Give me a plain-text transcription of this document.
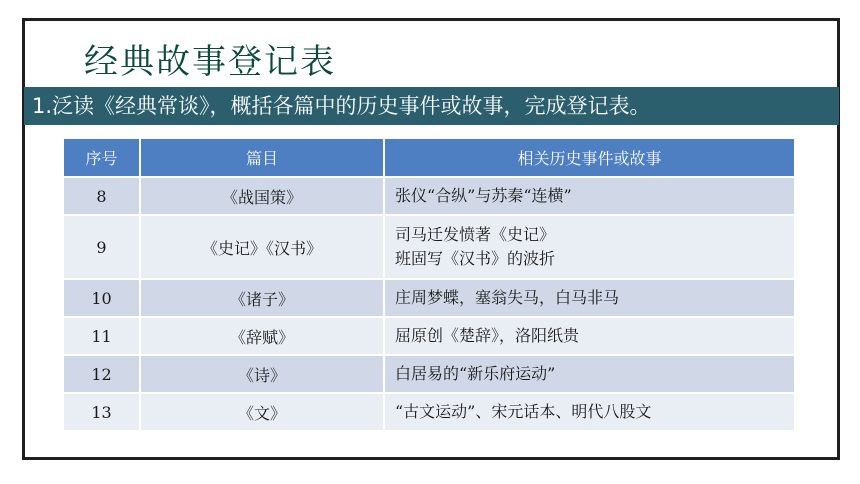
经典故事登记表
1.泛读《经典常谈》，概括各篇中的历史事件或故事，完成登记表。
序号	篇目	相关历史事件或故事
8	《战国策》	张仪“合纵”与苏秦“连横”

9	《史记》《汉书》	司马迁发愤著《史记》
班固写《汉书》的波折

10	《诸子》	庄周梦蝶，塞翁失马，白马非马

11	《辞赋》	屈原创《楚辞》，洛阳纸贵

12	《诗》	白居易的“新乐府运动”

13	《文》	“古文运动”、宋元话本、明代八股文
